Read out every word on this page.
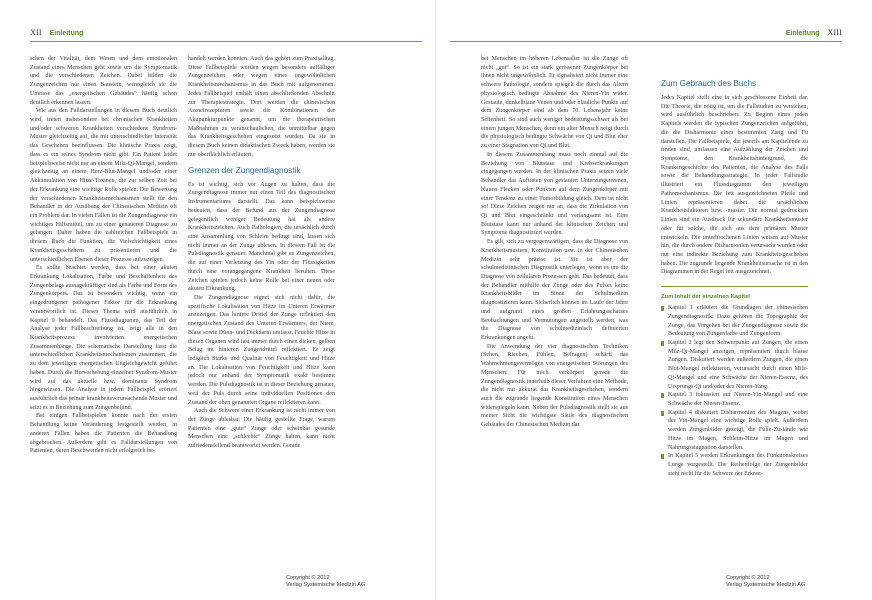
XII Einleitung

schen der Vitalität, dem Wesen und dem emotionalen Zustand eines Menschen geht sowie um die Symptomatik und die verschiedenen Zeichen. Dabei bilden die Zungenzeichen nur einen Baustein, wenngleich sie die Umrisse das „energetischen Gebäudes“ häufig schon deutlich erkennen lassen.

Wie aus den Falldarstellungen in diesem Buch deutlich wird, treten insbesondere bei chronischen Krankheiten und/oder schweren Krankheiten verschiedene Syndrom-Muster gleichzeitig auf, die mit unterschiedlicher Intensität das Geschehen beeinflussen. Die klinische Praxis zeigt, dass es ein reines Syndrom nicht gibt. Ein Patient leidet beispielsweise nicht nur an einem Milz-Qi-Mangel, sondern gleichzeitig an einem Herz-Blut-Mangel und/oder einer Akkumulation von Hitze-Toxinen, die zur selben Zeit bei der Erkrankung eine wichtige Rolle spielen. Die Bewertung der verschiedenen Krankheitsmechanismen stellt für den Behandler in der Ausübung der Chinesischen Medizin oft ein Problem dar. In vielen Fällen ist die Zungendiagnose ein wichtiges Hilfsmittel, um zu einer genaueren Diagnose zu gelangen. Daher haben die zahlreichen Fallbeispiele in diesem Buch die Funktion, die Vielschichtigkeit eines Krankheitsgeschehens zu präsentieren und die unterschiedlichen Ebenen dieser Prozesse aufzuzeigen.

Es sollte beachtet werden, dass bei einer akuten Erkrankung Lokalisation, Farbe und Beschaffenheit des Zungenbelags aussagekräftiger sind als Farbe und Form des Zungenkörpers. Das ist besonders wichtig, wenn ein eingedrungener pathogener Faktor für die Erkrankung verantwortlich ist. Dieses Thema wird ausführlich in Kapitel 9 behandelt. Das Flussdiagramm, das Teil der Analyse jeder Fallbeschreibung ist, zeigt alle in den Krankheitsprozess involvierten energetischen Zusammenhänge. Die schematische Darstellung fasst die unterschiedlichen Krankheitsmechanismen zusammen, die zu dem jeweiligen energetischen Ungleichgewicht geführt haben. Durch die Hervorhebung einzelner Syndrom-Muster wird auf das aktuelle bzw. dominante Syndrom hingewiesen. Die Analyse in jedem Fallbeispiel erörtert ausführlich das primär krankheitsverursachende Muster und setzt es in Beziehung zum Zungenbefund.

Bei einigen Fallbeispielen konnte nach der ersten Behandlung keine Veränderung festgestellt werden, in anderen Fällen haben die Patienten die Behandlung abgebrochen. Außerdem gibt es Falldarstellungen von Patienten, deren Beschwerden nicht erfolgreich be-

handelt werden konnten. Auch das gehört zum Praxisalltag. Diese Fallbeispiele wurden wegen besonders auffälliger Zungenzeichen oder wegen eines ungewöhnlichen Krankheitsmechanismus in das Buch mit aufgenommen. Jedes Fallbeispiel enthält einen abschließenden Abschnitt zur Therapiestrategie. Dort werden die chinesischen Arzneirezepturen sowie die Kombinationen der Akupunkturpunkte genannt, um die therapeutischen Maßnahmen zu veranschaulichen, die unmittelbar gegen das Krankheitsgeschehen eingesetzt wurden. Da sie in diesem Buch keinen didaktischen Zweck haben, werden sie nur oberflächlich erläutert.

Grenzen der Zungendiagnostik

Es ist wichtig, sich vor Augen zu halten, dass die Zungendiagnose immer nur einen Teil des diagnostischen Instrumentariums darstellt. Das kann beispielsweise bedeuten, dass der Befund aus der Zungendiagnose gelegentlich weniger Bedeutung hat als andere Krankheitszeichen. Auch Pathologien, die ursächlich durch eine Ansammlung von Schleim bedingt sind, lassen sich nicht immer an der Zunge ablesen. In diesem Fall ist die Pulsdiagnostik genauer. Manchmal gibt es Zungenzeichen, die auf einer Verletzung des Yin oder der Flüssigkeiten durch eine vorangegangene Krankheit beruhen. Diese Zeichen spielen jedoch keine Rolle bei einer neuen oder akuten Erkrankung.

Die Zungendiagnose eignet sich nicht dafür, die spezifische Lokalisation von Hitze im Unteren Erwärmer anzuzeigen. Das hintere Drittel der Zunge reflektiert den energetischen Zustand des Unteren Erwärmers, der Niere, Blase sowie Dünn- und Dickdarm umfasst. Feuchte Hitze in diesen Organen wird fast immer durch einen dicken, gelben Belag im hinteren Zungendrittel reflektiert. Er zeigt lediglich Stärke und Qualität von Feuchtigkeit und Hitze an. Die Lokalisation von Feuchtigkeit und Hitze kann jedoch nur anhand der Symptomatik exakt bestimmt werden. Die Pulsdiagnostik ist in dieser Beziehung genauer, weil der Puls durch seine individuellen Positionen den Zustand der oben genannten Organe reflektieren kann.

Auch die Schwere einer Erkrankung ist nicht immer von der Zunge ablesbar. Die häufig gestellte Frage, warum Patienten eine „gute“ Zunge oder scheinbar gesunde Menschen eine „schlechte“ Zunge haben, kann nicht zufriedenstellend beantwortet werden. Gerade

Copyright © 2012
Verlag Systemische Medizin AG
Einleitung XIII

bei Menschen im höheren Lebensalter ist die Zunge oft nicht „gut“. So ist ein stark gerissener Zungenkörper bei ihnen nicht ungewöhnlich. Er signalisiert nicht immer eine schwere Pathologie, sondern spiegelt die durch das Altern physiologisch bedingte Abnahme des Nieren-Yin wider. Gestaute, dunkelblaue Venen und/oder bläuliche Punkte auf dem Zungenkörper sind ab dem 70. Lebensjahr keine Seltenheit. So sind auch weniger bedeutungsschwer als bei einem jungen Menschen, denn ein alter Mensch neigt durch die physiologisch bedingte Schwäche von Qi und Blut eher zu einer Stagnation von Qi und Blut.

In diesem Zusammenhang muss noch einmal auf die Beziehung von Blutstase und Krebserkrankungen eingegangen werden. In der klinischen Praxis setzen viele Behandler das Auftreten von gestauten Unterzungenvenen, blauen Flecken oder Punkten auf dem Zungenkörper mit einer Tendenz zu einer Tumorbildung gleich. Dem ist nicht so! Diese Zeichen zeigen nur an, dass die Zirkulation von Qi und Blut eingeschränkt und verlangsamt ist. Eine Blutstase kann nur anhand der klinischen Zeichen und Symptome diagnostiziert werden.

Es gilt, sich zu vergegenwärtigen, dass die Diagnose von Krankheitsmustern, Konstitution usw. in der Chinesischen Medizin sehr präzise ist. Sie ist aber der schulmedizinischen Diagnostik unterlegen, wenn es um die Diagnose von zellulären Prozessen geht. Das bedeutet, dass der Behandler mithilfe der Zunge oder des Pulses keine Krankheitsbilder im Sinne der Schulmedizin diagnostizieren kann. Sicherlich können im Laufe der Jahre und aufgrund eines großen Erfahrungsschatzes Beobachtungen und Vermutungen angestellt werden, was die Diagnose von schulmedizinisch definierten Erkrankungen angeht.

Die Anwendung der vier diagnostischen Techniken (Sehen, Riechen, Fühlen, Befragen) schärft das Wahrnehmungsvermögen von energetischen Störungen des Menschen. Für mich verkörpert gerade die Zungendiagnostik innerhalb dieser Verfahren eine Methode, die nicht nur akkurat das Krankheitsgeschehen, sondern auch die zugrunde liegende Konstitution eines Menschen widerspiegeln kann. Neben der Pulsdiagnostik stellt sie aus meiner Sicht die wichtigste Säule des diagnostischen Gebäudes der Chinesischen Medizin dar.

Zum Gebrauch des Buchs

Jedes Kapitel stellt eine in sich geschlossene Einheit dar. Die Theorie, die nötig ist, um die Fallstudien zu verstehen, wird ausführlich beschrieben. Zu Beginn eines jeden Kapitels werden die typischen Zungenzeichen aufgeführt, die die Disharmonie eines bestimmten Zang und Fu darstellen. Die Fallbeispiele, die jeweils am Kapitelende zu finden sind, umfassen eine Aufzählung der Zeichen und Symptome, den Krankheitshintergrund, die Krankengeschichte des Patienten, die Analyse des Falls sowie die Behandlungsstrategie. In jeder Fallstudie illustriert ein Flussdiagramm den jeweiligen Pathomechanismus. Die fett ausgezeichneten Pfeile und Linien repräsentieren dabei die ursächlichen Krankheitsfaktoren bzw. -muster. Die normal gedruckten Linien sind ein Ausdruck für sekundäre Krankheitsmuster oder für solche, die sich aus dem primären Muster entwickeln. Die unterbrochenen Linien weisen auf Muster hin, die durch andere Disharmonien verursacht wurden oder nur eine indirekte Beziehung zum Krankheitsgeschehen haben. Die zugrunde liegende Krankheitsursache ist in den Diagrammen in der Regel fett ausgezeichnet.

Zum Inhalt der einzelnen Kapitel
Kapitel 1 erläutert die Grundlagen der chinesischen Zungendiagnostik: Dazu gehören die Topographie der Zunge, das Vorgehen bei der Zungendiagnose sowie die Bedeutung von Zungenfarbe und Zungenform.
Kapitel 2 legt den Schwerpunkt auf Zungen, die einen Milz-Qi-Mangel anzeigen, repräsentiert durch blasse Zungen. Diskutiert werden außerdem Zungen, die einen Blut-Mangel reflektieren, verursacht durch einen Milz-Qi-Mangel und eine Schwäche der Nieren-Essenz, des Ursprungs-Qi und/oder des Nieren-Yang.
Kapitel 3 fokussiert auf Nieren-Yin-Mangel und eine Schwäche der Nieren-Essenz.
Kapitel 4 diskutiert Disharmonien des Magens, wobei der Yin-Mangel eine wichtige Rolle spielt. Außerdem werden Zungenbilder gezeigt, die Fülle-Zustände wie Hitze im Magen, Schleim-Hitze im Magen und Nahrungsstagnation darstellen.
In Kapitel 5 werden Erkrankungen des Funktionskreises Lunge vorgestellt. Die Reihenfolge der Zungenbilder steht nicht für die Schwere der Erkran-
Copyright © 2012
Verlag Systemische Medizin AG
